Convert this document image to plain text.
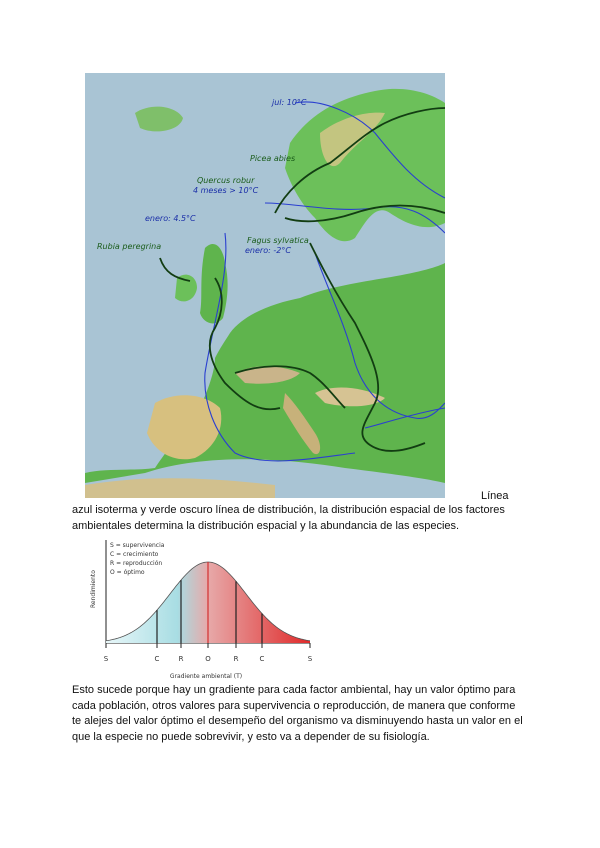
jul: 10°C
Picea abies
Quercus robur
4 meses > 10°C
enero: 4.5°C
Rubia peregrina
Fagus sylvatica
enero: -2°C
Línea
azul isoterma y verde oscuro línea de distribución, la distribución espacial de los factores
ambientales determina la distribución espacial y la abundancia de las especies.
S	C	R	O	R	C	S
S = supervivencia
C = crecimiento
R = reproducción
O = óptimo
Rendimiento
Gradiente ambiental (T)
Esto sucede porque hay un gradiente para cada factor ambiental, hay un valor óptimo para
cada población, otros valores para supervivencia o reproducción, de manera que conforme
te alejes del valor óptimo el desempeño del organismo va disminuyendo hasta un valor en el
que la especie no puede sobrevivir, y esto va a depender de su fisiología.
